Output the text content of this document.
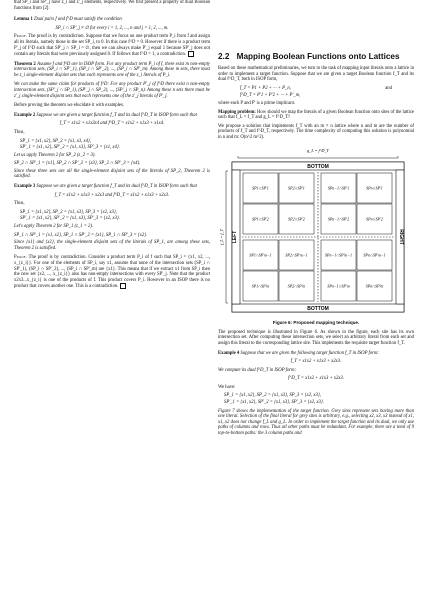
that SP_i and SP'_j have z_i and z'_j elements, respectively. We first present a property of dual Boolean functions from [2]:

Lemma 1 Dual pairs f and f^D must satisfy the condition

SP_i ∩ SP'_j ≠ ∅ for every i = 1, 2, ..., n and j = 1, 2, ..., m.

Proof. The proof is by contradiction. Suppose that we focus on one product term P_i from f and assign all its literals, namely those in the set SP_i, to 0. In this case f^D = 0. However if there is a product term P'_j of f^D such that SP'_j ∩ SP_i = ∅, then we can always make P'_j equal 1 because SP'_j does not contain any literals that were previously assigned 0. If follows that f^D = 1, a contradiction.

Theorem 2 Assume f and f^D are in ISOP form. For any product term P_i of f, there exist m non-empty intersection sets, (SP_i ∩ SP'_1), (SP_i ∩ SP'_2), ..., (SP_i ∩ SP'_m). Among these m sets, there must be z_i single-element disjoint sets that each represents one of the z_i literals of P_i.

We can make the same claim for products of f^D: For any product P'_j of f^D there exist n non-empty intersection sets, (SP'_j ∩ SP_1), (SP'_j ∩ SP_2), ..., (SP'_j ∩ SP_n). Among these n sets there must be z'_j single-element disjoint sets that each represents one of the z'_j literals of P'_j.

Before proving the theorem we elucidate it with examples.

Example 2 Suppose we are given a target function f_T and its dual f^D_T in ISOP form such that

f_T = x1x2 + x1x3x4 and f^D_T = x1x2 + x1x3 + x1x4.

Thus,

SP_1 = {x1, x2}, SP_2 = {x1, x3, x4},
SP'_1 = {x1, x2}, SP'_2 = {x1, x3}, SP'_3 = {x1, x4}.

Let us apply Theorem 2 for SP_2 (z_2 = 3).

SP_2 ∩ SP'_1 = {x1}, SP_2 ∩ SP'_2 = {x3}, SP_2 ∩ SP'_3 = {x4}.

Since these three sets are all the single-element disjoint sets of the literals of SP_2, Theorem 2 is satisfied.

Example 3 Suppose we are given a target function f_T and its dual f^D_T in ISOP form such that

f_T = x1x2 + x1x3 + x2x3 and f^D_T = x1x2 + x1x3 + x2x3.

Thus,

SP_1 = {x1, x2}, SP_2 = {x1, x3}, SP_3 = {x2, x3},
SP'_1 = {x1, x2}, SP'_2 = {x1, x3}, SP'_3 = {x2, x3}.

Let's apply Theorem 2 for SP_1 (z_1 = 2).

SP_1 ∩ SP'_1 = {x1, x2}, SP_1 ∩ SP'_2 = {x1}, SP_1 ∩ SP'_3 = {x2}.

Since {x1} and {x2}, the single-element disjoint sets of the literals of SP_1, are among these sets, Theorem 2 is satisfied.

Proof. The proof is by contradiction. Consider a product term P_i of f such that SP_i = {x1, x2, ..., x_{z_i}}. For one of the elements of SP_i, say x1, assume that none of the intersection sets (SP_i ∩ SP'_1), (SP_i ∩ SP'_2), ..., (SP_i ∩ SP'_m) are {x1}. This means that if we extract x1 from SP_i then the new set {x2, ..., x_{z_i}} also has non-empty intersections with every SP'_j. Note that the product x2x3...x_{z_i} is one of the products of f. This product covers P_i. However in an ISOP there is no product that covers another one. This is a contradiction.

2.2 Mapping Boolean Functions onto Lattices

Based on these mathematical preliminaries, we turn to the task of mapping input literals onto a lattice in order to implement a target function. Suppose that we are given a target Boolean function f_T and its dual f^D_T, both in ISOP form,

f_T = P1 + P2 + ··· + P_n,	and
f^D_T = P'1 + P'2 + ··· + P'_m,

where each P and P' is a prime implicant.

Mapping problem: How should we map the literals of a given Boolean function onto sites of the lattice such that f_L = f_T and g_L = f^D_T?

We propose a solution that implements f_T with an m × n lattice where n and m are the number of products of f_T and f^D_T, respectively. The time complexity of computing this solution is polynomial in n and m: O(n^2 m^2).

g_L = f^D_T
f_L = f_T
BOTTOM
BOTTOM
LEFT	RIGHT
SP1∩SP'1	SP2∩SP'1	SPn−1∩SP'1	SPn∩SP'1
SP1∩SP'2	SP2∩SP'2	SPn−1∩SP'2	SPn∩SP'2
SP1∩SP'm−1	SP2∩SP'm−1	SPn−1∩SP'm−1	SPn∩SP'm−1
SP1∩SP'm	SP2∩SP'm	SPn−1∩SP'm	SPn∩SP'm
Figure 6: Proposed mapping technique.

The proposed technique is illustrated in Figure 6. As shown in the figure, each site has its own intersection set. After computing these intersection sets, we select an arbitrary literal from each set and assign this literal to the corresponding lattice site. This implements the requisite target function f_T.

Example 4 Suppose that we are given the following target function f_T in ISOP form:

f_T = x1x2 + x1x3 + x2x3.

We compute its dual f^D_T in ISOP form:

f^D_T = x1x2 + x1x3 + x2x3.

We have:

SP_1 = {x1, x2}, SP_2 = {x1, x3}, SP_3 = {x2, x3},
SP'_1 = {x1, x2}, SP'_2 = {x1, x3}, SP'_3 = {x2, x3}.

Figure 7 shows the implementation of the target function. Grey sites represent sets having more than one literal. Selection of the final literal for grey sites is arbitrary, e.g., selecting x2, x3, x3 instead of x1, x1, x2 does not change f_L and g_L. In order to implement the target function and its dual, we only use paths of columns and rows. Thus all other paths must be redundant. For example, there are a total of 9 top-to-bottom paths: the 3 column paths and
